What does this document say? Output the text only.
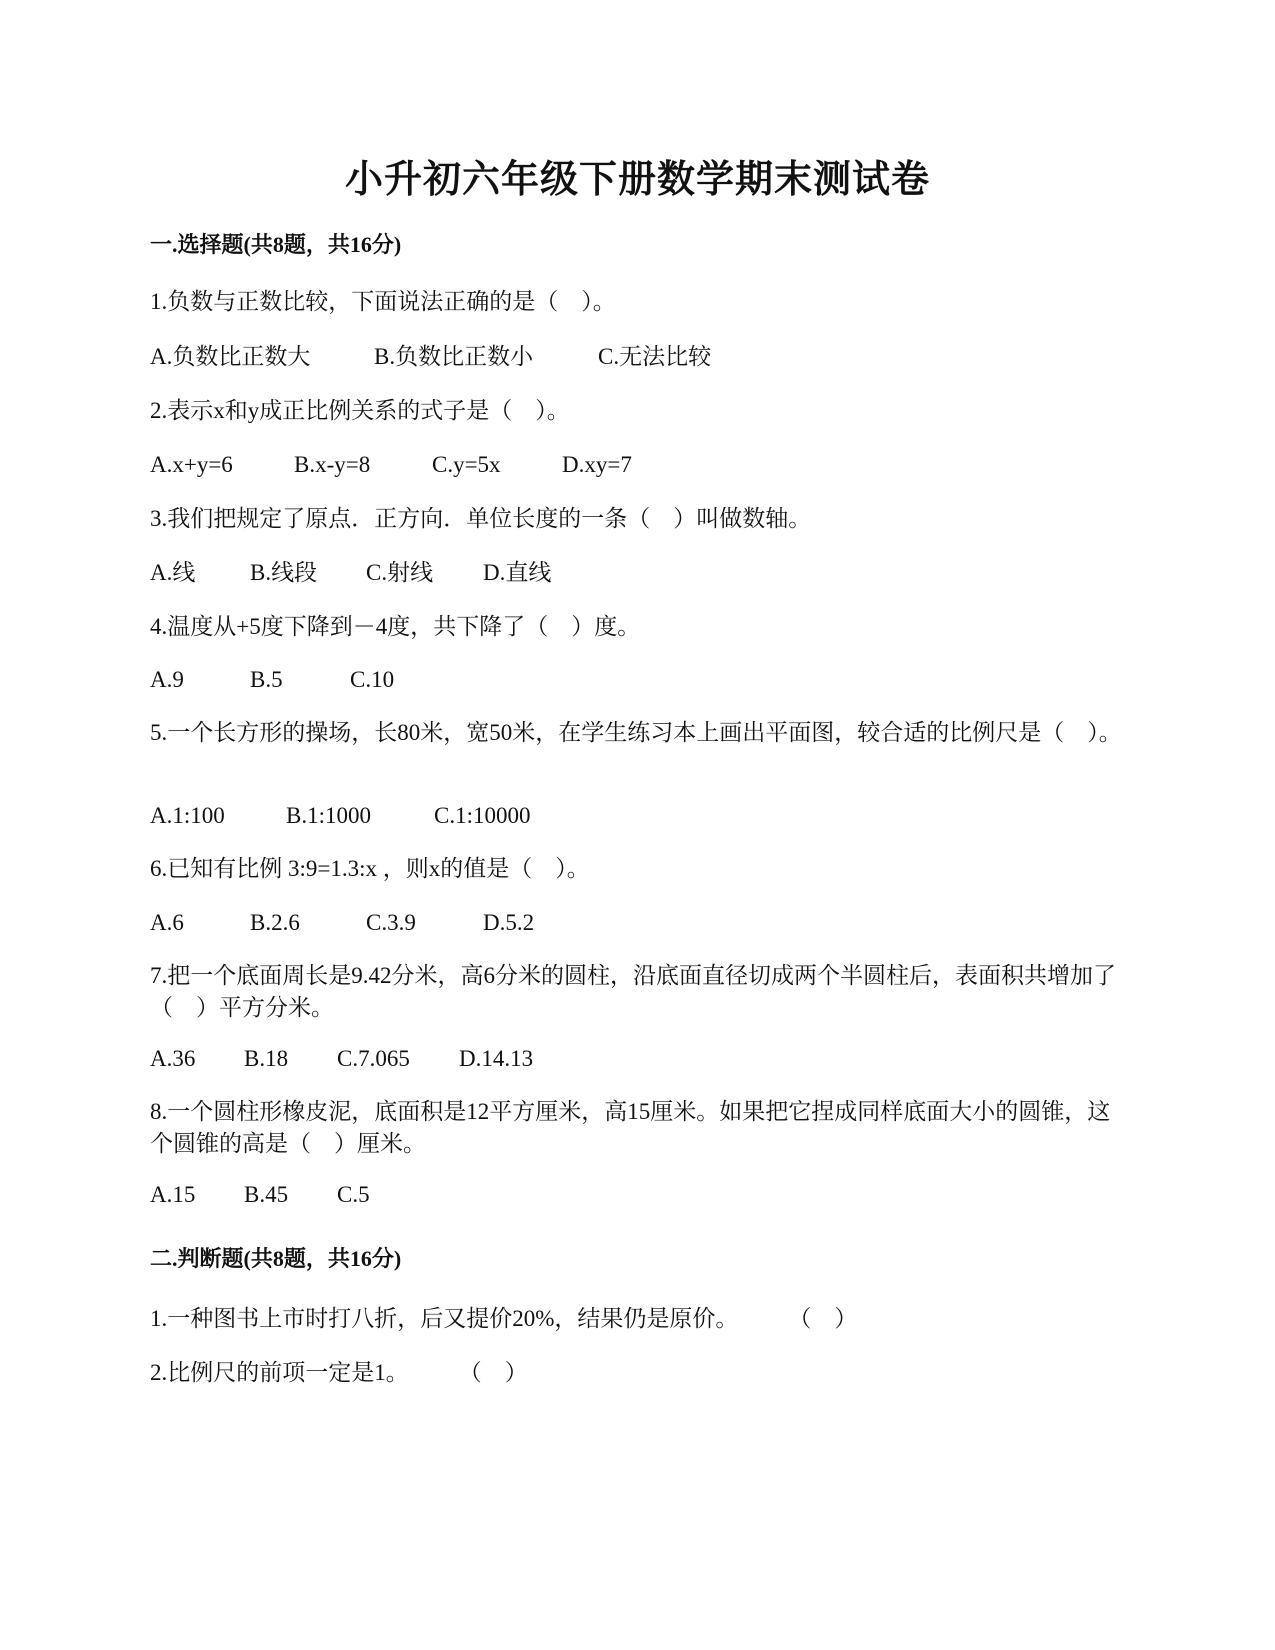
小升初六年级下册数学期末测试卷
一.选择题(共8题，共16分)
1.负数与正数比较，下面说法正确的是（　）。
A.负数比正数大	B.负数比正数小	C.无法比较
2.表示x和y成正比例关系的式子是（　）。
A.x+y=6	B.x-y=8	C.y=5x	D.xy=7
3.我们把规定了原点．正方向．单位长度的一条（　）叫做数轴。
A.线 B.线段 C.射线 D.直线
4.温度从+5度下降到－4度，共下降了（　）度。
A.9	B.5	C.10
5.一个长方形的操场，长80米，宽50米，在学生练习本上画出平面图，较合适的比例尺是（　）。
A.1:100	B.1:1000	C.1:10000
6.已知有比例 3:9=1.3:x ，则x的值是（　）。
A.6	B.2.6	C.3.9	D.5.2
7.把一个底面周长是9.42分米，高6分米的圆柱，沿底面直径切成两个半圆柱后，表面积共增加了（　）平方分米。
A.36 B.18 C.7.065 D.14.13
8.一个圆柱形橡皮泥，底面积是12平方厘米，高15厘米。如果把它捏成同样底面大小的圆锥，这个圆锥的高是（　）厘米。
A.15 B.45 C.5
二.判断题(共8题，共16分)
1.一种图书上市时打八折，后又提价20%，结果仍是原价。 （　）
2.比例尺的前项一定是1。 （　）
